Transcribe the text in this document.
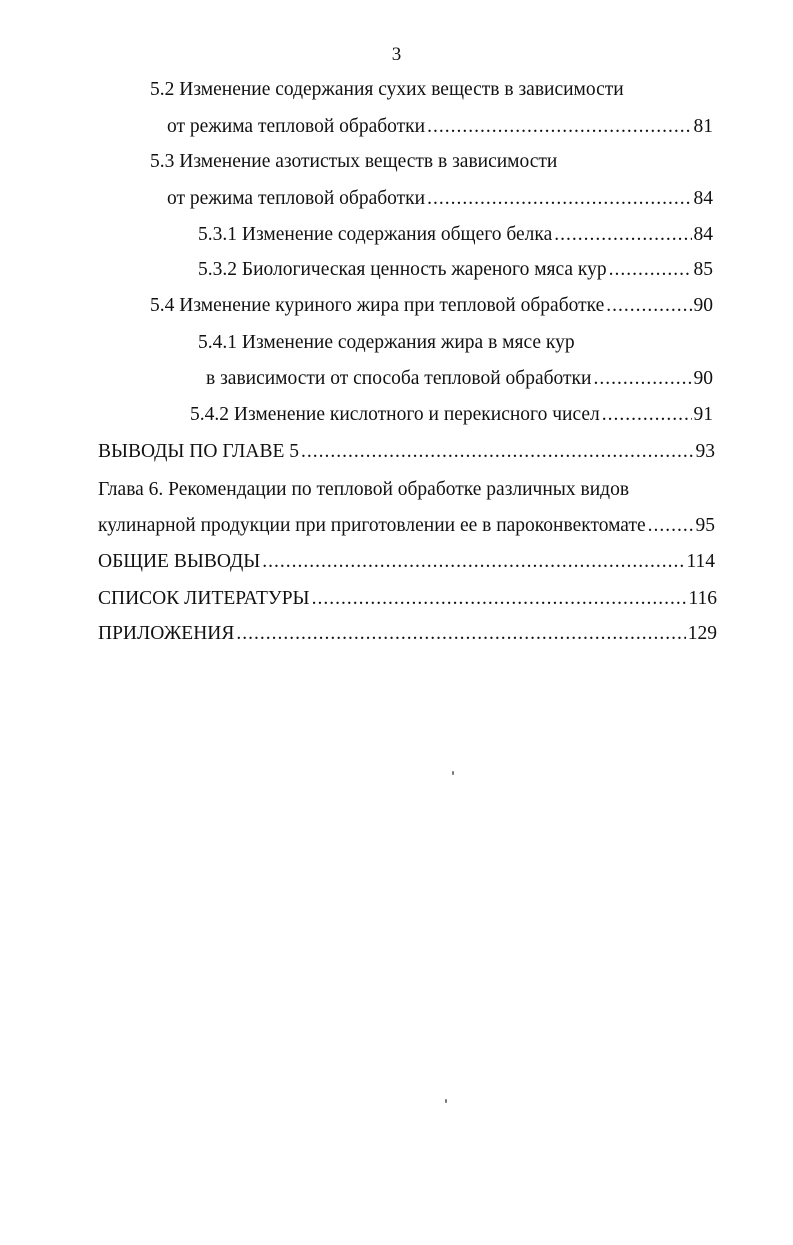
3
5.2 Изменение содержания сухих веществ в зависимости
от режима тепловой обработки .....	81
5.3 Изменение азотистых веществ в зависимости
от режима тепловой обработки .....	84
5.3.1 Изменение содержания общего белка .....	84
5.3.2 Биологическая ценность жареного мяса кур .....	85
5.4 Изменение куриного жира при тепловой обработке .....	90
5.4.1 Изменение содержания жира в мясе кур
в зависимости от способа тепловой обработки .....	90
5.4.2 Изменение кислотного и перекисного чисел .....	91
ВЫВОДЫ ПО ГЛАВЕ 5 .....	93
Глава 6. Рекомендации по тепловой обработке различных видов
кулинарной продукции при приготовлении ее в пароконвектомате .....	95
ОБЩИЕ ВЫВОДЫ .....	114
СПИСОК ЛИТЕРАТУРЫ .....	116
ПРИЛОЖЕНИЯ .....	129
